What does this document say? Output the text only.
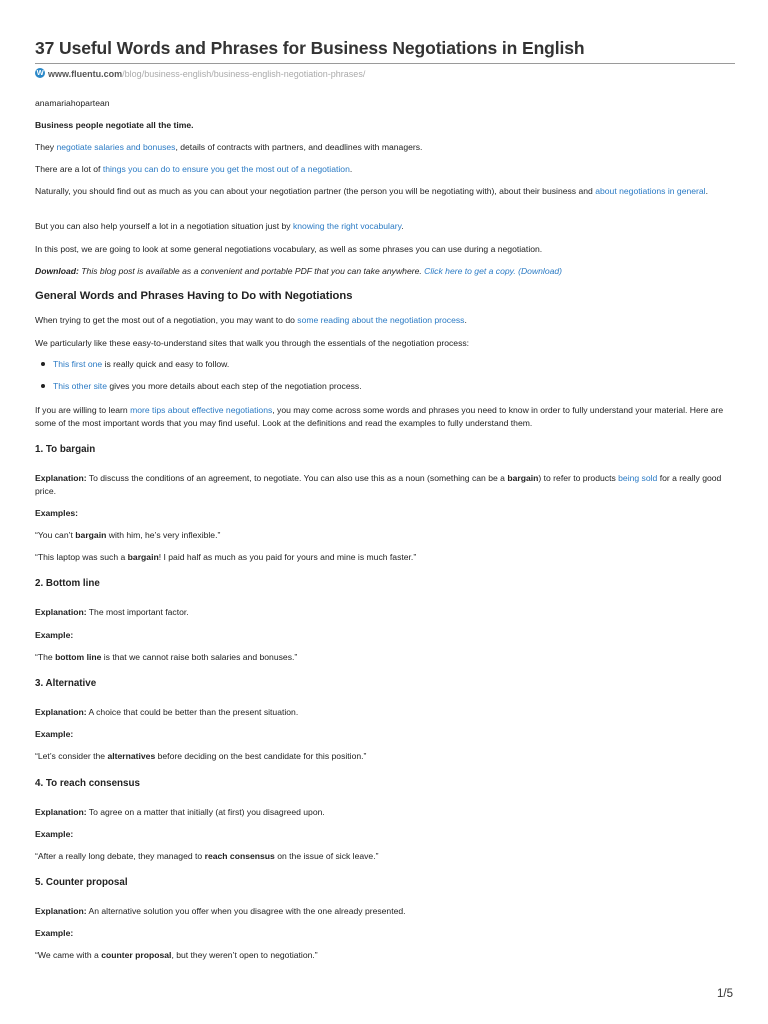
37 Useful Words and Phrases for Business Negotiations in English
Wwww.fluentu.com/blog/business-english/business-english-negotiation-phrases/

anamariahopartean

Business people negotiate all the time.

They negotiate salaries and bonuses, details of contracts with partners, and deadlines with managers.

There are a lot of things you can do to ensure you get the most out of a negotiation.

Naturally, you should find out as much as you can about your negotiation partner (the person you will be negotiating with), about their business and about negotiations in general.

But you can also help yourself a lot in a negotiation situation just by knowing the right vocabulary.

In this post, we are going to look at some general negotiations vocabulary, as well as some phrases you can use during a negotiation.

Download: This blog post is available as a convenient and portable PDF that you can take anywhere. Click here to get a copy. (Download)

General Words and Phrases Having to Do with Negotiations

When trying to get the most out of a negotiation, you may want to do some reading about the negotiation process.

We particularly like these easy-to-understand sites that walk you through the essentials of the negotiation process:

This first one is really quick and easy to follow.
This other site gives you more details about each step of the negotiation process.

If you are willing to learn more tips about effective negotiations, you may come across some words and phrases you need to know in order to fully understand your material. Here are some of the most important words that you may find useful. Look at the definitions and read the examples to fully understand them.

1. To bargain

Explanation: To discuss the conditions of an agreement, to negotiate. You can also use this as a noun (something can be a bargain) to refer to products being sold for a really good price.

Examples:

“You can’t bargain with him, he’s very inflexible.”

“This laptop was such a bargain! I paid half as much as you paid for yours and mine is much faster.”

2. Bottom line

Explanation: The most important factor.

Example:

“The bottom line is that we cannot raise both salaries and bonuses.”

3. Alternative

Explanation: A choice that could be better than the present situation.

Example:

“Let’s consider the alternatives before deciding on the best candidate for this position.”

4. To reach consensus

Explanation: To agree on a matter that initially (at first) you disagreed upon.

Example:

“After a really long debate, they managed to reach consensus on the issue of sick leave.”

5. Counter proposal

Explanation: An alternative solution you offer when you disagree with the one already presented.

Example:

“We came with a counter proposal, but they weren’t open to negotiation.”

1/5
